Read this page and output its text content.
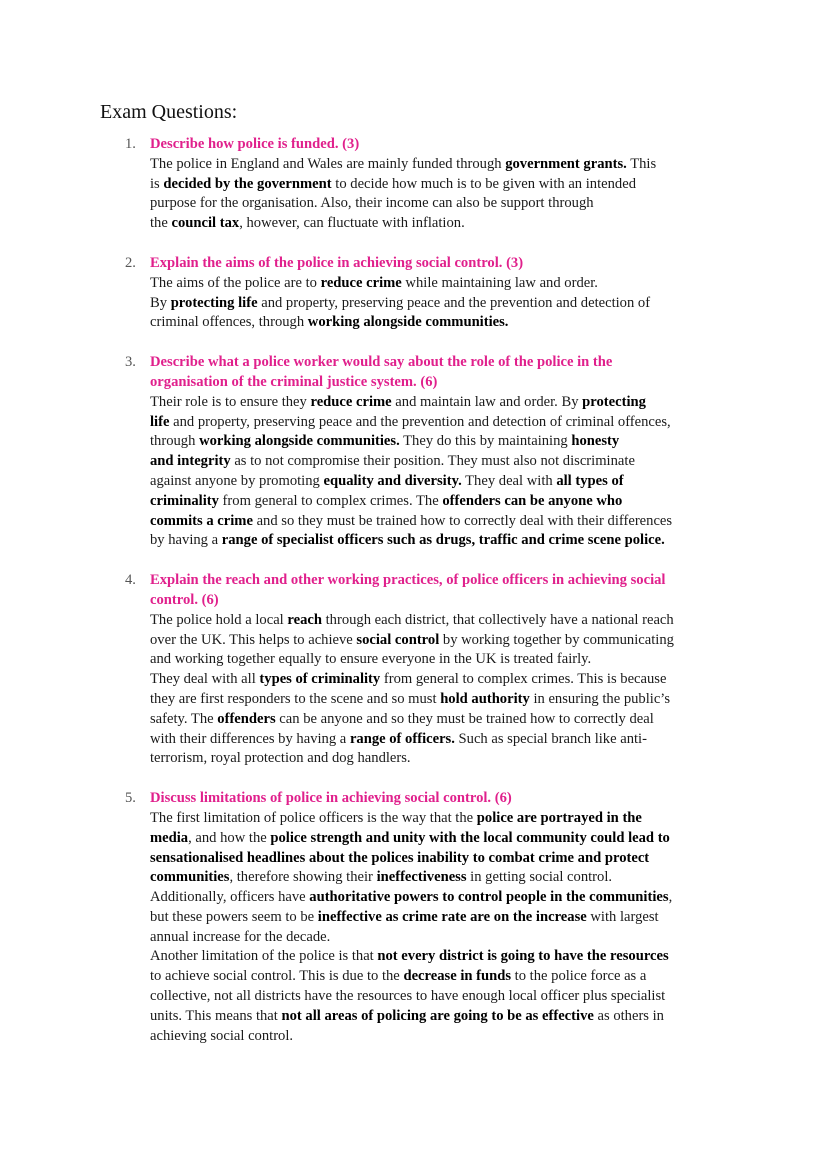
Exam Questions:
1. Describe how police is funded. (3)
The police in England and Wales are mainly funded through government grants. This
is decided by the government to decide how much is to be given with an intended
purpose for the organisation. Also, their income can also be support through
the council tax, however, can fluctuate with inflation.
2. Explain the aims of the police in achieving social control. (3)
The aims of the police are to reduce crime while maintaining law and order.
By protecting life and property, preserving peace and the prevention and detection of
criminal offences, through working alongside communities.
3. Describe what a police worker would say about the role of the police in the
organisation of the criminal justice system. (6)
Their role is to ensure they reduce crime and maintain law and order. By protecting
life and property, preserving peace and the prevention and detection of criminal offences,
through working alongside communities. They do this by maintaining honesty
and integrity as to not compromise their position. They must also not discriminate
against anyone by promoting equality and diversity. They deal with all types of
criminality from general to complex crimes. The offenders can be anyone who
commits a crime and so they must be trained how to correctly deal with their differences
by having a range of specialist officers such as drugs, traffic and crime scene police.
4. Explain the reach and other working practices, of police officers in achieving social
control. (6)
The police hold a local reach through each district, that collectively have a national reach
over the UK. This helps to achieve social control by working together by communicating
and working together equally to ensure everyone in the UK is treated fairly.
They deal with all types of criminality from general to complex crimes. This is because
they are first responders to the scene and so must hold authority in ensuring the public’s
safety. The offenders can be anyone and so they must be trained how to correctly deal
with their differences by having a range of officers. Such as special branch like anti-
terrorism, royal protection and dog handlers.
5. Discuss limitations of police in achieving social control. (6)
The first limitation of police officers is the way that the police are portrayed in the
media, and how the police strength and unity with the local community could lead to
sensationalised headlines about the polices inability to combat crime and protect
communities, therefore showing their ineffectiveness in getting social control.
Additionally, officers have authoritative powers to control people in the communities,
but these powers seem to be ineffective as crime rate are on the increase with largest
annual increase for the decade.
Another limitation of the police is that not every district is going to have the resources
to achieve social control. This is due to the decrease in funds to the police force as a
collective, not all districts have the resources to have enough local officer plus specialist
units. This means that not all areas of policing are going to be as effective as others in
achieving social control.
